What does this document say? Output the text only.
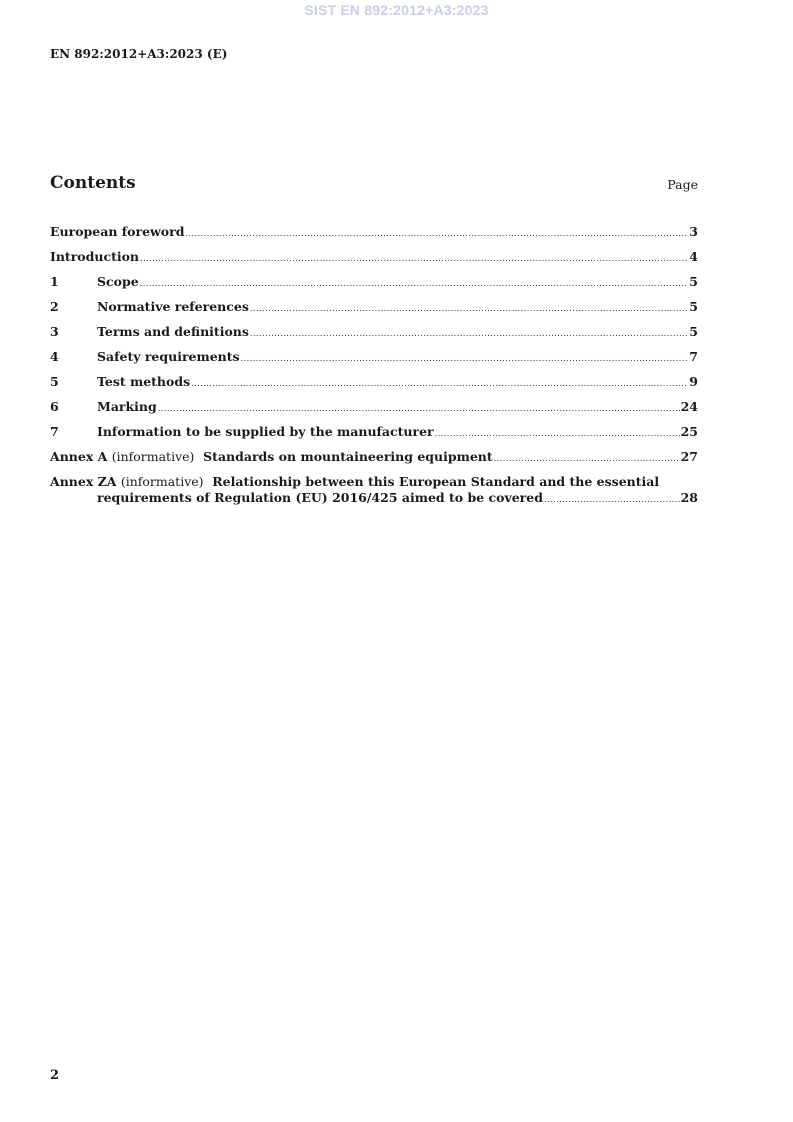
SIST EN 892:2012+A3:2023
EN 892:2012+A3:2023 (E)
Contents	Page
European foreword .....	3
Introduction .....	4
1	Scope .....	5
2	Normative references .....	5
3	Terms and definitions .....	5
4	Safety requirements .....	7
5	Test methods .....	9
6	Marking .....	24
7	Information to be supplied by the manufacturer .....	25
Annex A (informative) Standards on mountaineering equipment .....	27
Annex ZA (informative) Relationship between this European Standard and the essential
requirements of Regulation (EU) 2016/425 aimed to be covered .....	28
2
